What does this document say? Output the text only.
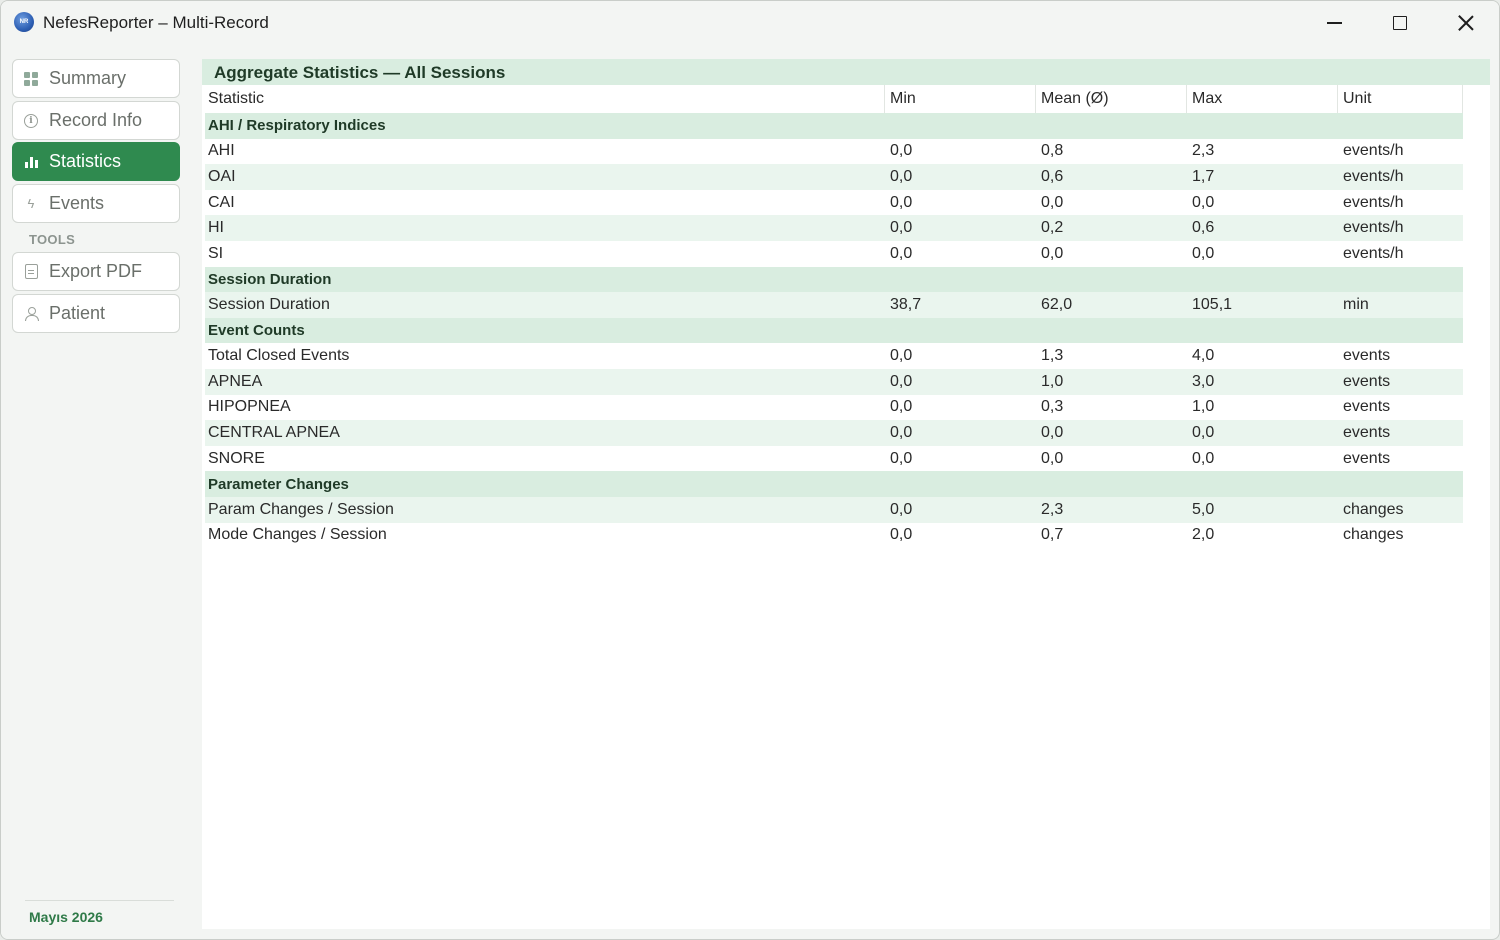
NR NefesReporter – Multi-Record
Summary
i Record Info
Statistics
ϟ Events
TOOLS
Export PDF
Patient
Mayıs 2026
Aggregate Statistics — All Sessions
Statistic	Min	Mean (Ø)	Max	Unit
AHI / Respiratory Indices
AHI	0,0	0,8	2,3	events/h
OAI	0,0	0,6	1,7	events/h
CAI	0,0	0,0	0,0	events/h
HI	0,0	0,2	0,6	events/h
SI	0,0	0,0	0,0	events/h
Session Duration
Session Duration	38,7	62,0	105,1	min
Event Counts
Total Closed Events	0,0	1,3	4,0	events
APNEA	0,0	1,0	3,0	events
HIPOPNEA	0,0	0,3	1,0	events
CENTRAL APNEA	0,0	0,0	0,0	events
SNORE	0,0	0,0	0,0	events
Parameter Changes
Param Changes / Session	0,0	2,3	5,0	changes
Mode Changes / Session	0,0	0,7	2,0	changes
